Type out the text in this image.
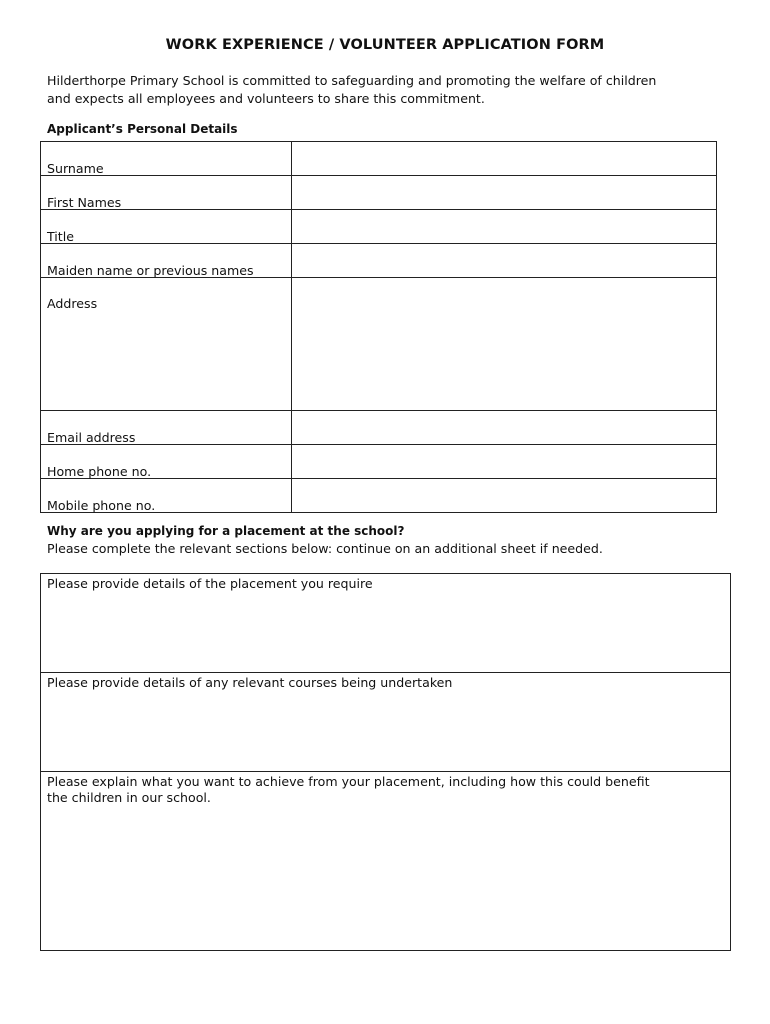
WORK EXPERIENCE / VOLUNTEER APPLICATION FORM
Hilderthorpe Primary School is committed to safeguarding and promoting the welfare of children
and expects all employees and volunteers to share this commitment.
Applicant’s Personal Details
Surname	
First Names	
Title	
Maiden name or previous names	
Address	
Email address	
Home phone no.	
Mobile phone no.	
Why are you applying for a placement at the school?
Please complete the relevant sections below: continue on an additional sheet if needed.
Please provide details of the placement you require
Please provide details of any relevant courses being undertaken
Please explain what you want to achieve from your placement, including how this could benefit
the children in our school.
